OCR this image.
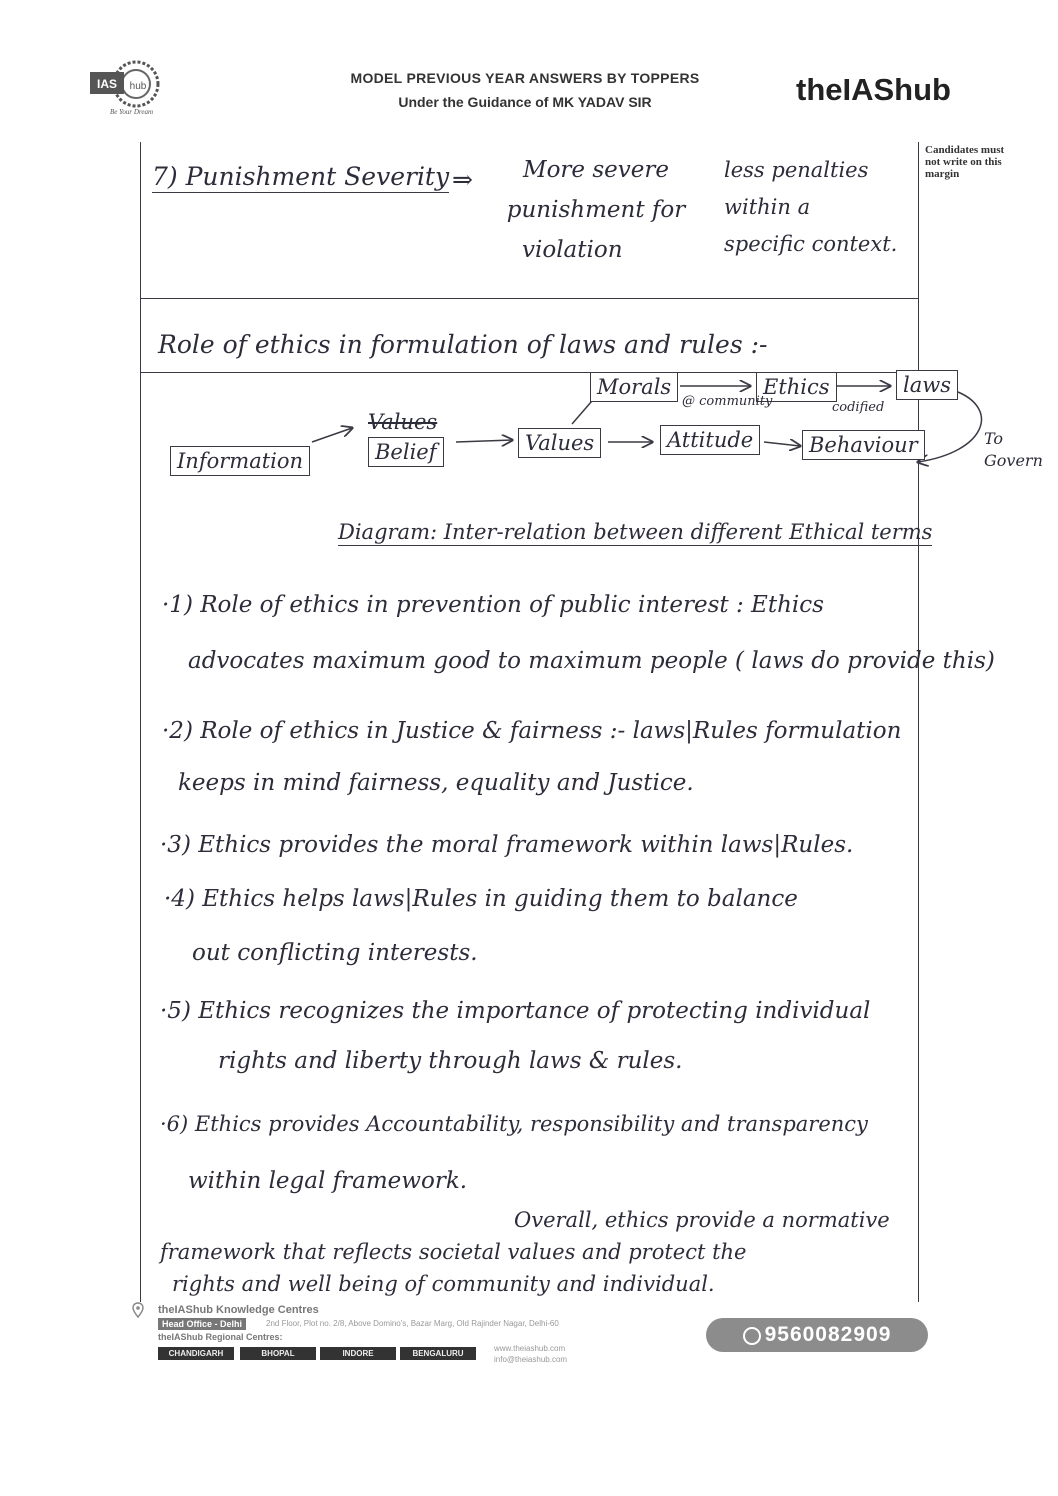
IAS hub
Be Your Dream
MODEL PREVIOUS YEAR ANSWERS BY TOPPERS
Under the Guidance of MK YADAV SIR	theIAShub
Candidates must not write on this margin
7) Punishment Severity ⇒	More severe
punishment for
violation
less penalties
within a
specific context.
Role of ethics in formulation of laws and rules :-
Information
Values
Belief	Values	Attitude	Behaviour
Morals	Ethics	laws
@ community	codified
To Govern
Diagram: Inter-relation between different Ethical terms
·1) Role of ethics in prevention of public interest : Ethics
advocates maximum good to maximum people ( laws do provide this)
·2) Role of ethics in Justice & fairness :- laws|Rules formulation
keeps in mind fairness, equality and Justice.
·3) Ethics provides the moral framework within laws|Rules.
·4) Ethics helps laws|Rules in guiding them to balance
out conflicting interests.
·5) Ethics recognizes the importance of protecting individual
rights and liberty through laws & rules.
·6) Ethics provides Accountability, responsibility and transparency
within legal framework.
Overall, ethics provide a normative
framework that reflects societal values and protect the
rights and well being of community and individual.
theIAShub Knowledge Centres
Head Office - Delhi	2nd Floor, Plot no. 2/8, Above Domino's, Bazar Marg, Old Rajinder Nagar, Delhi-60
theIAShub Regional Centres:
CHANDIGARH	BHOPAL	INDORE	BENGALURU
www.theiashub.com
info@theiashub.com
9560082909
